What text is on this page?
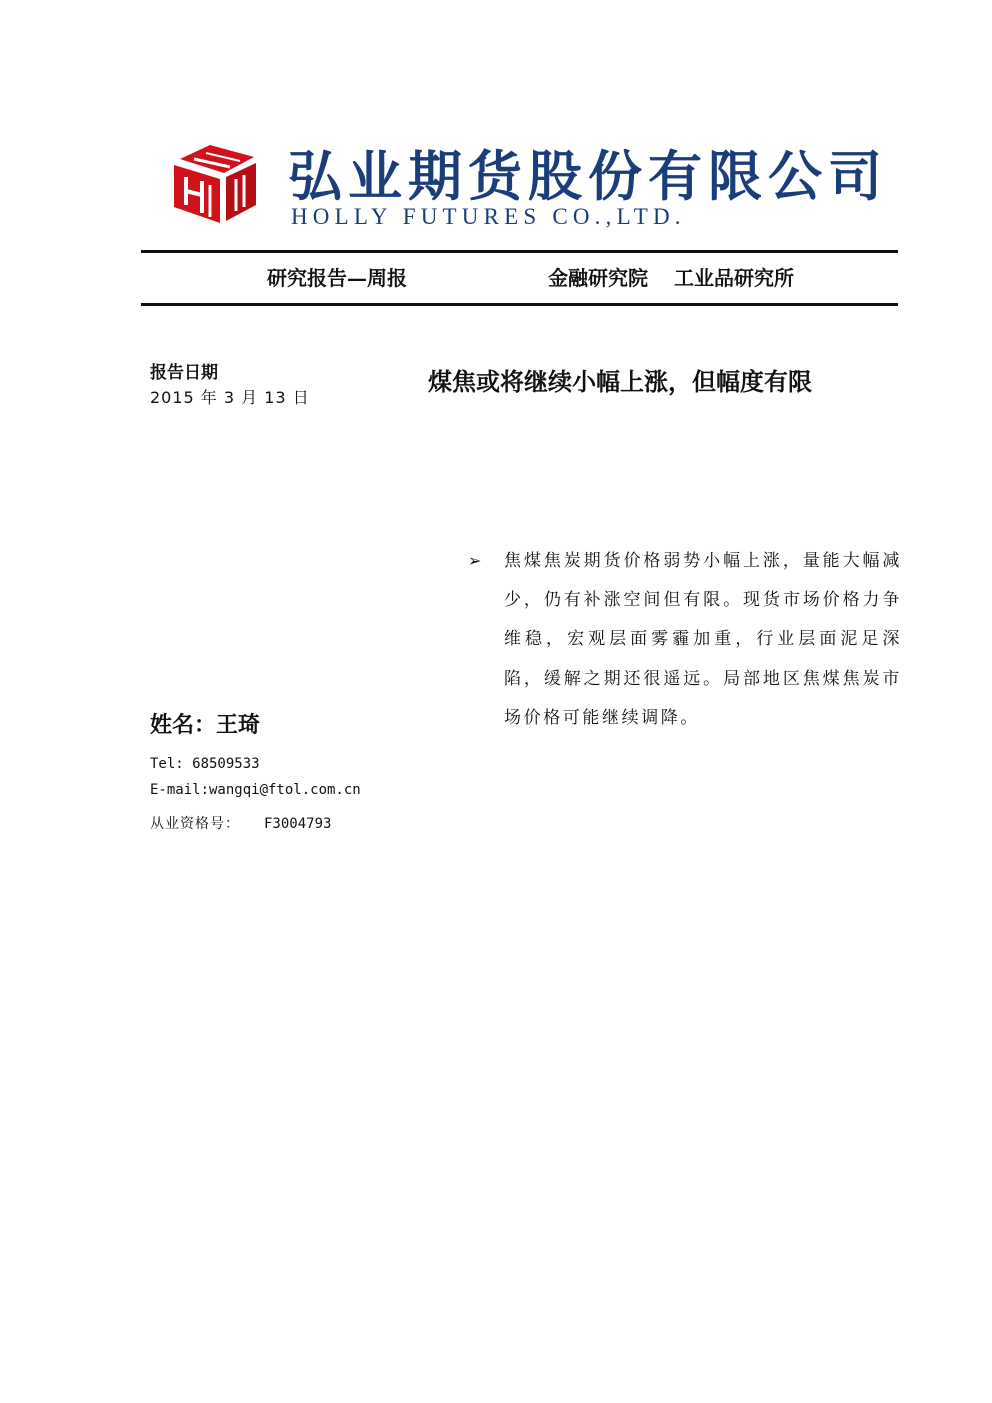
弘业期货股份有限公司
HOLLY FUTURES CO.,LTD.
研究报告—周报	金融研究院 工业品研究所
报告日期
2015 年 3 月 13 日
姓名：王琦
Tel: 68509533
E-mail:wangqi@ftol.com.cn
从业资格号： F3004793
煤焦或将继续小幅上涨，但幅度有限
➢ 焦煤焦炭期货价格弱势小幅上涨，量能大幅减少，仍有补涨空间但有限。现货市场价格力争维稳，宏观层面雾霾加重，行业层面泥足深陷，缓解之期还很遥远。局部地区焦煤焦炭市场价格可能继续调降。
